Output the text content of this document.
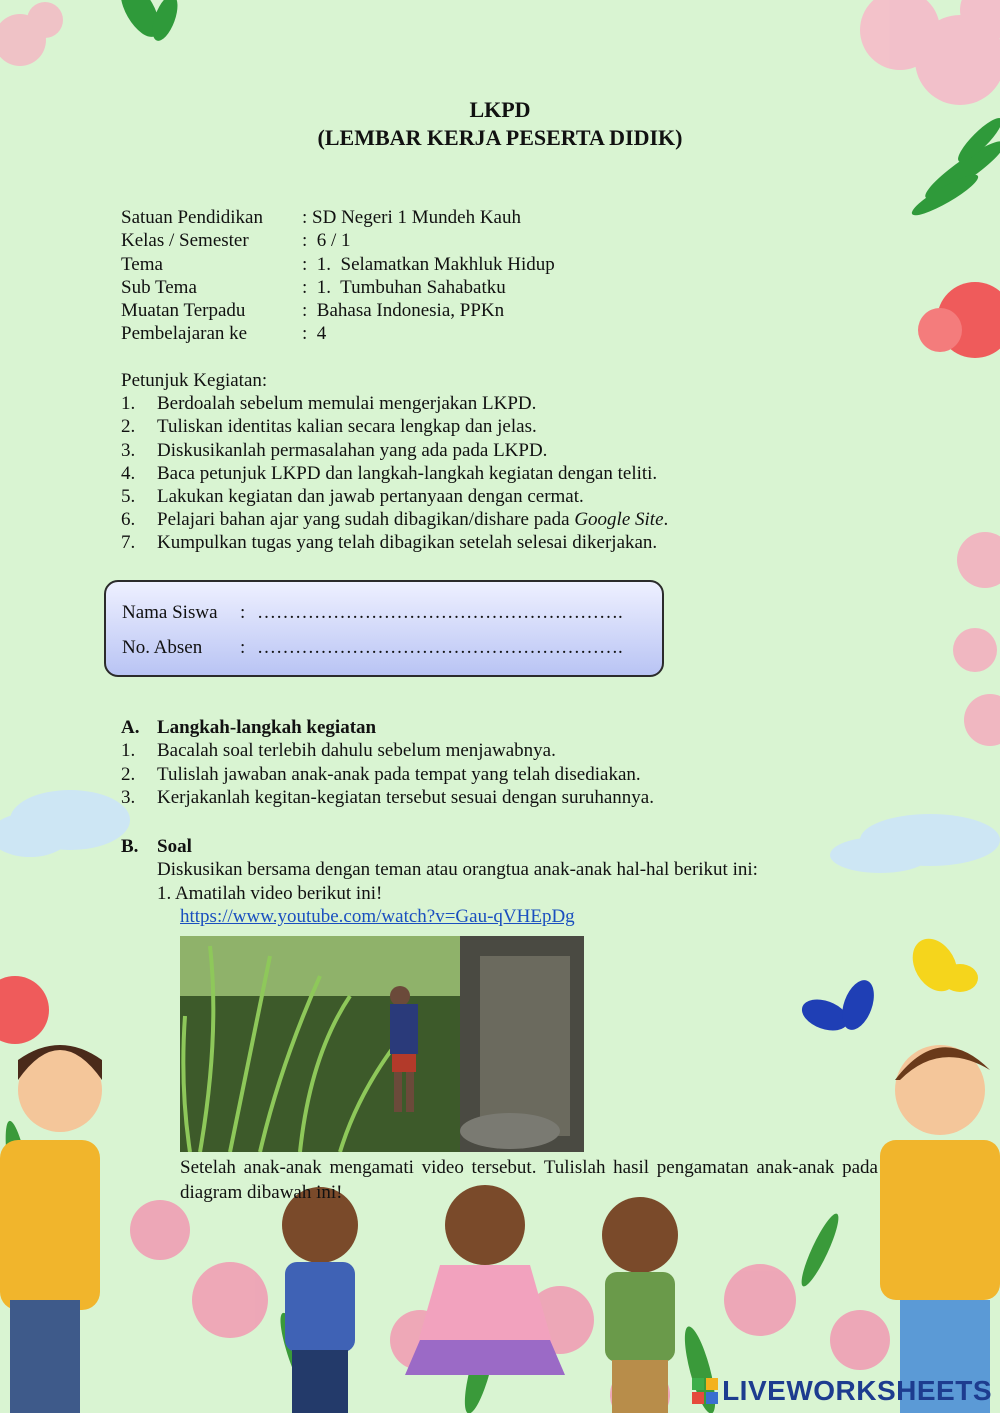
LKPD
(LEMBAR KERJA PESERTA DIDIK)
Satuan Pendidikan	: SD Negeri 1 Mundeh Kauh
Kelas / Semester	:  6 / 1
Tema	:  1.  Selamatkan Makhluk Hidup
Sub Tema	:  1.  Tumbuhan Sahabatku
Muatan Terpadu	:  Bahasa Indonesia, PPKn
Pembelajaran ke	:  4
Petunjuk Kegiatan:
1.	Berdoalah sebelum memulai mengerjakan LKPD.
2.	Tuliskan identitas kalian secara lengkap dan jelas.
3.	Diskusikanlah permasalahan yang ada pada LKPD.
4.	Baca petunjuk LKPD dan langkah-langkah kegiatan dengan teliti.
5.	Lakukan kegiatan dan jawab pertanyaan dengan cermat.
6.	Pelajari bahan ajar yang sudah dibagikan/dishare pada Google Site.
7.	Kumpulkan tugas yang telah dibagikan setelah selesai dikerjakan.
Nama Siswa	: ………………………………………………….
No. Absen	: ………………………………………………….
A. Langkah-langkah kegiatan
1.	Bacalah soal terlebih dahulu sebelum menjawabnya.
2.	Tulislah jawaban anak-anak pada tempat yang telah disediakan.
3.	Kerjakanlah kegitan-kegiatan tersebut sesuai dengan suruhannya.
B. Soal
Diskusikan bersama dengan teman atau orangtua anak-anak hal-hal berikut ini:
1. Amatilah video berikut ini!
https://www.youtube.com/watch?v=Gau-qVHEpDg
Setelah anak-anak mengamati video tersebut. Tulislah hasil pengamatan anak-anak pada diagram dibawah ini!
LIVEWORKSHEETS
